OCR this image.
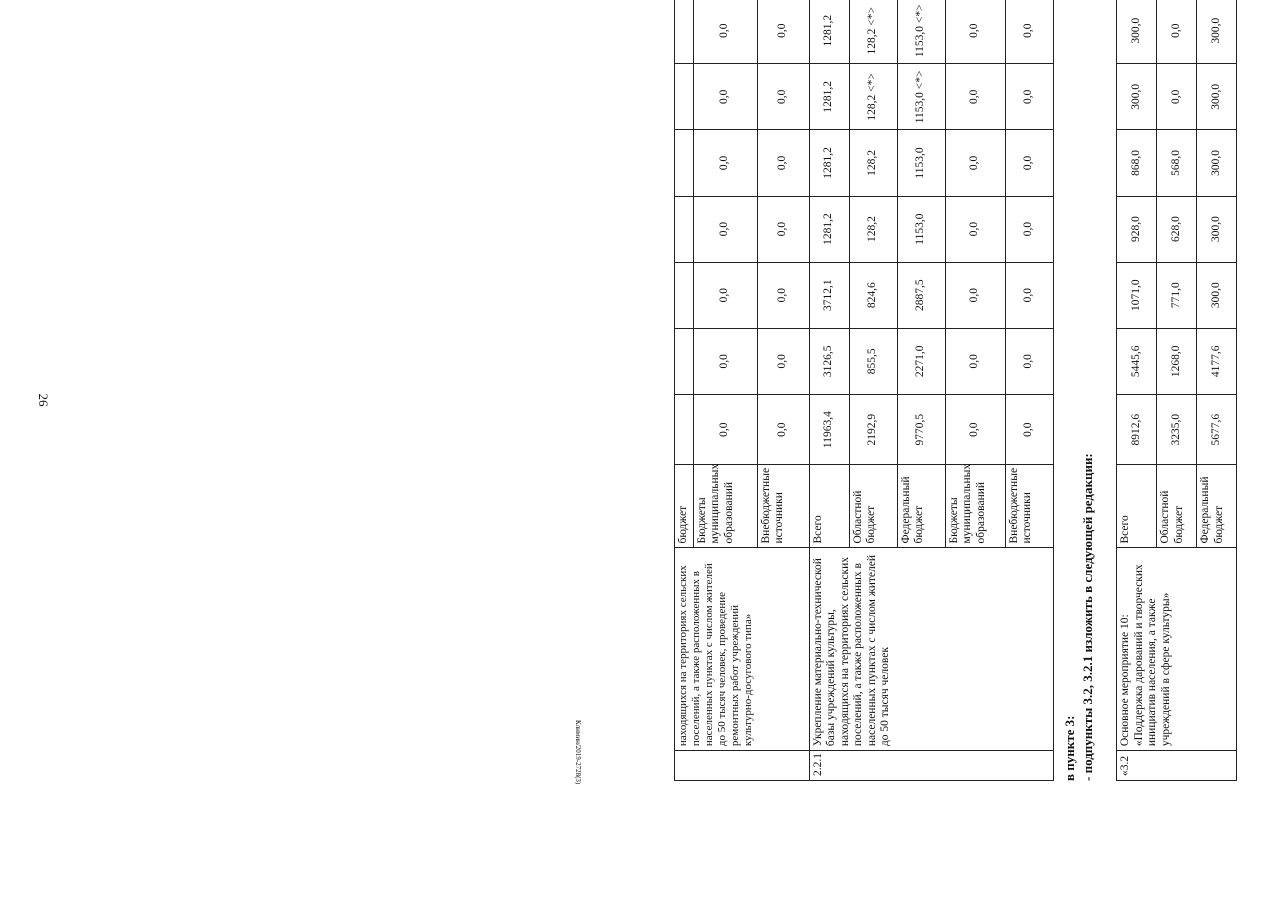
26
Климин/2019-2728(3)
	находящихся на территориях сельских поселений, а также расположенных в населенных пунктах с числом жителей до 50 тысяч человек, проведение ремонтных работ учреждений культурно-досугового типа»	бюджет								
		Бюджеты муниципальных образований	0,0	0,0	0,0	0,0	0,0	0,0	0,0	
		Внебюджетные источники	0,0	0,0	0,0	0,0	0,0	0,0	0,0	
2.2.1	Укрепление материально-технической базы учреждений культуры, находящихся на территориях сельских поселений, а также расположенных в населенных пунктах с числом жителей до 50 тысяч человек	Всего	11963,4	3126,5	3712,1	1281,2	1281,2	1281,2	1281,2	
		Областной бюджет	2192,9	855,5	824,6	128,2	128,2	128,2 <*>	128,2 <*>	
		Федеральный бюджет	9770,5	2271,0	2887,5	1153,0	1153,0	1153,0 <*>	1153,0 <*>	
		Бюджеты муниципальных образований	0,0	0,0	0,0	0,0	0,0	0,0	0,0	
		Внебюджетные источники	0,0	0,0	0,0	0,0	0,0	0,0	0,0	
в пункте 3: - подпункты 3.2, 3.2.1 изложить в следующей редакции: «3.2	Основное мероприятие 10: «Поддержка дарований и творческих инициатив населения, а также учреждений в сфере культуры»	Всего	8912,6	5445,6	1071,0	928,0	868,0	300,0	300,0	
		Областной бюджет	3235,0	1268,0	771,0	628,0	568,0	0,0	0,0	
		Федеральный бюджет	5677,6	4177,6	300,0	300,0	300,0	300,0	300,0	
